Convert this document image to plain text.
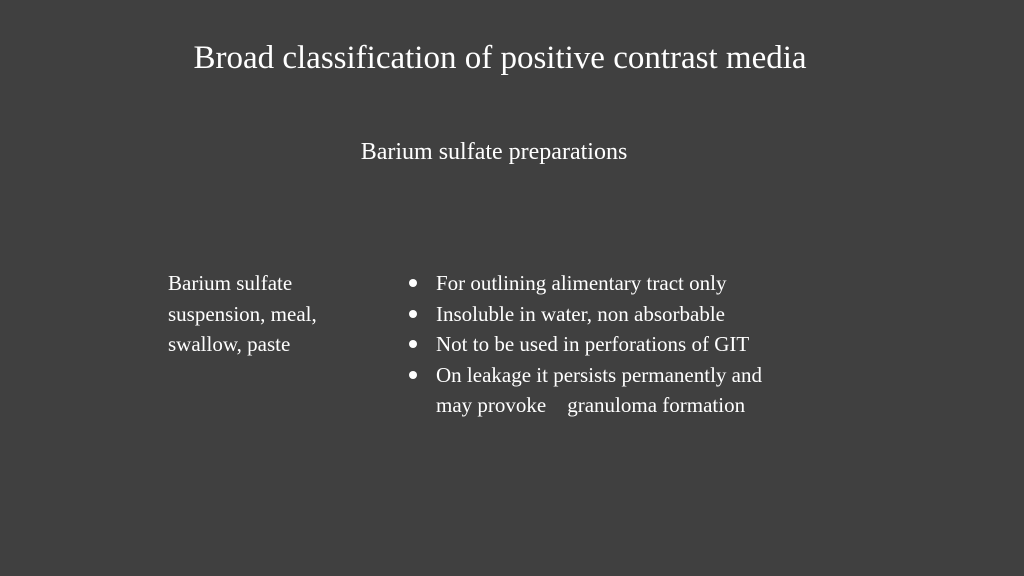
Broad classification of positive contrast media
Barium sulfate preparations
Barium sulfate
suspension, meal,
swallow, paste
For outlining alimentary tract only
Insoluble in water, non absorbable
Not to be used in perforations of GIT
On leakage it persists permanently and
may provoke    granuloma formation
